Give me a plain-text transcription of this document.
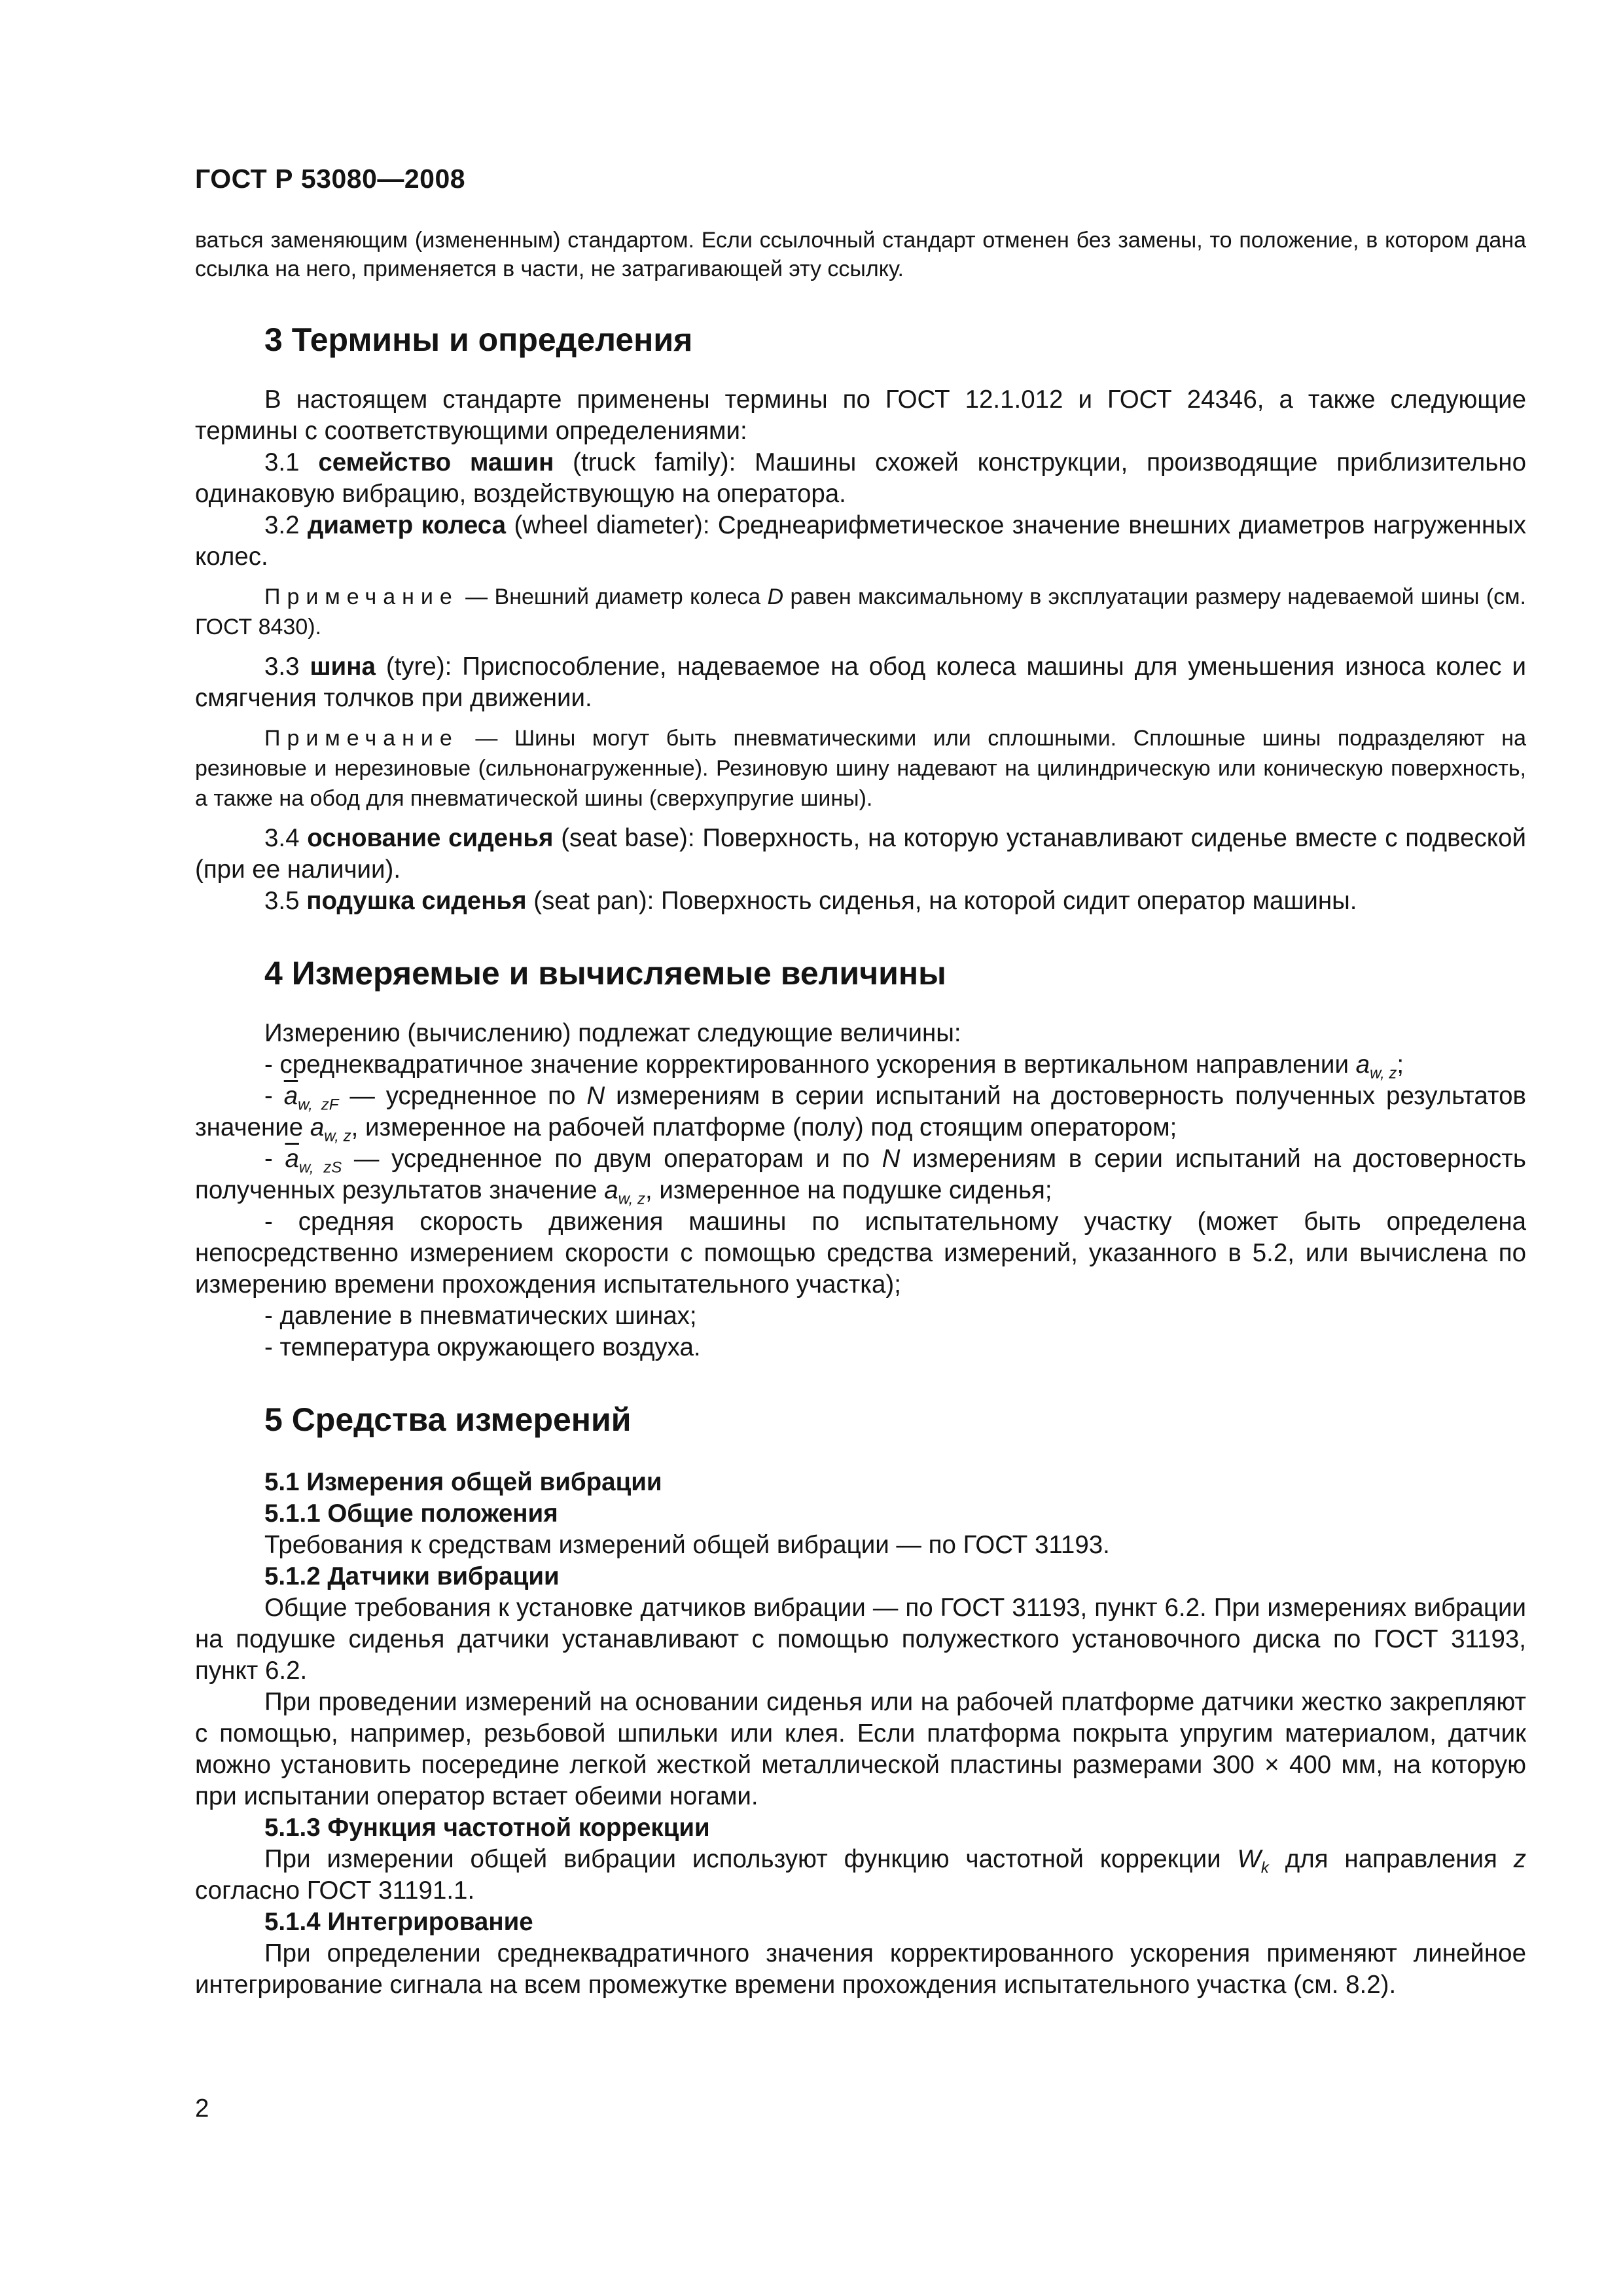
ГОСТ Р 53080—2008

ваться заменяющим (измененным) стандартом. Если ссылочный стандарт отменен без замены, то положение, в котором дана ссылка на него, применяется в части, не затрагивающей эту ссылку.

3 Термины и определения

В настоящем стандарте применены термины по ГОСТ 12.1.012 и ГОСТ 24346, а также следующие термины с соответствующими определениями:

3.1 семейство машин (truck family): Машины схожей конструкции, производящие приблизительно одинаковую вибрацию, воздействующую на оператора.

3.2 диаметр колеса (wheel diameter): Среднеарифметическое значение внешних диаметров нагруженных колес.

Примечание — Внешний диаметр колеса D равен максимальному в эксплуатации размеру надеваемой шины (см. ГОСТ 8430).

3.3 шина (tyre): Приспособление, надеваемое на обод колеса машины для уменьшения износа колес и смягчения толчков при движении.

Примечание — Шины могут быть пневматическими или сплошными. Сплошные шины подразделяют на резиновые и нерезиновые (сильнонагруженные). Резиновую шину надевают на цилиндрическую или коническую поверхность, а также на обод для пневматической шины (сверхупругие шины).

3.4 основание сиденья (seat base): Поверхность, на которую устанавливают сиденье вместе с подвеской (при ее наличии).

3.5 подушка сиденья (seat pan): Поверхность сиденья, на которой сидит оператор машины.

4 Измеряемые и вычисляемые величины

Измерению (вычислению) подлежат следующие величины:

- среднеквадратичное значение корректированного ускорения в вертикальном направлении $a_{w, z}$;

- $\overline{a}_{w, zF}$ — усредненное по N измерениям в серии испытаний на достоверность полученных результатов значение $a_{w, z}$, измеренное на рабочей платформе (полу) под стоящим оператором;

- $\overline{a}_{w, zS}$ — усредненное по двум операторам и по N измерениям в серии испытаний на достоверность полученных результатов значение $a_{w, z}$, измеренное на подушке сиденья;

- средняя скорость движения машины по испытательному участку (может быть определена непосредственно измерением скорости с помощью средства измерений, указанного в 5.2, или вычислена по измерению времени прохождения испытательного участка);

- давление в пневматических шинах;

- температура окружающего воздуха.

5 Средства измерений

5.1 Измерения общей вибрации

5.1.1 Общие положения

Требования к средствам измерений общей вибрации — по ГОСТ 31193.

5.1.2 Датчики вибрации

Общие требования к установке датчиков вибрации — по ГОСТ 31193, пункт 6.2. При измерениях вибрации на подушке сиденья датчики устанавливают с помощью полужесткого установочного диска по ГОСТ 31193, пункт 6.2.

При проведении измерений на основании сиденья или на рабочей платформе датчики жестко закрепляют с помощью, например, резьбовой шпильки или клея. Если платформа покрыта упругим материалом, датчик можно установить посередине легкой жесткой металлической пластины размерами 300 × 400 мм, на которую при испытании оператор встает обеими ногами.

5.1.3 Функция частотной коррекции

При измерении общей вибрации используют функцию частотной коррекции $W_k$ для направления z согласно ГОСТ 31191.1.

5.1.4 Интегрирование

При определении среднеквадратичного значения корректированного ускорения применяют линейное интегрирование сигнала на всем промежутке времени прохождения испытательного участка (см. 8.2).

2
